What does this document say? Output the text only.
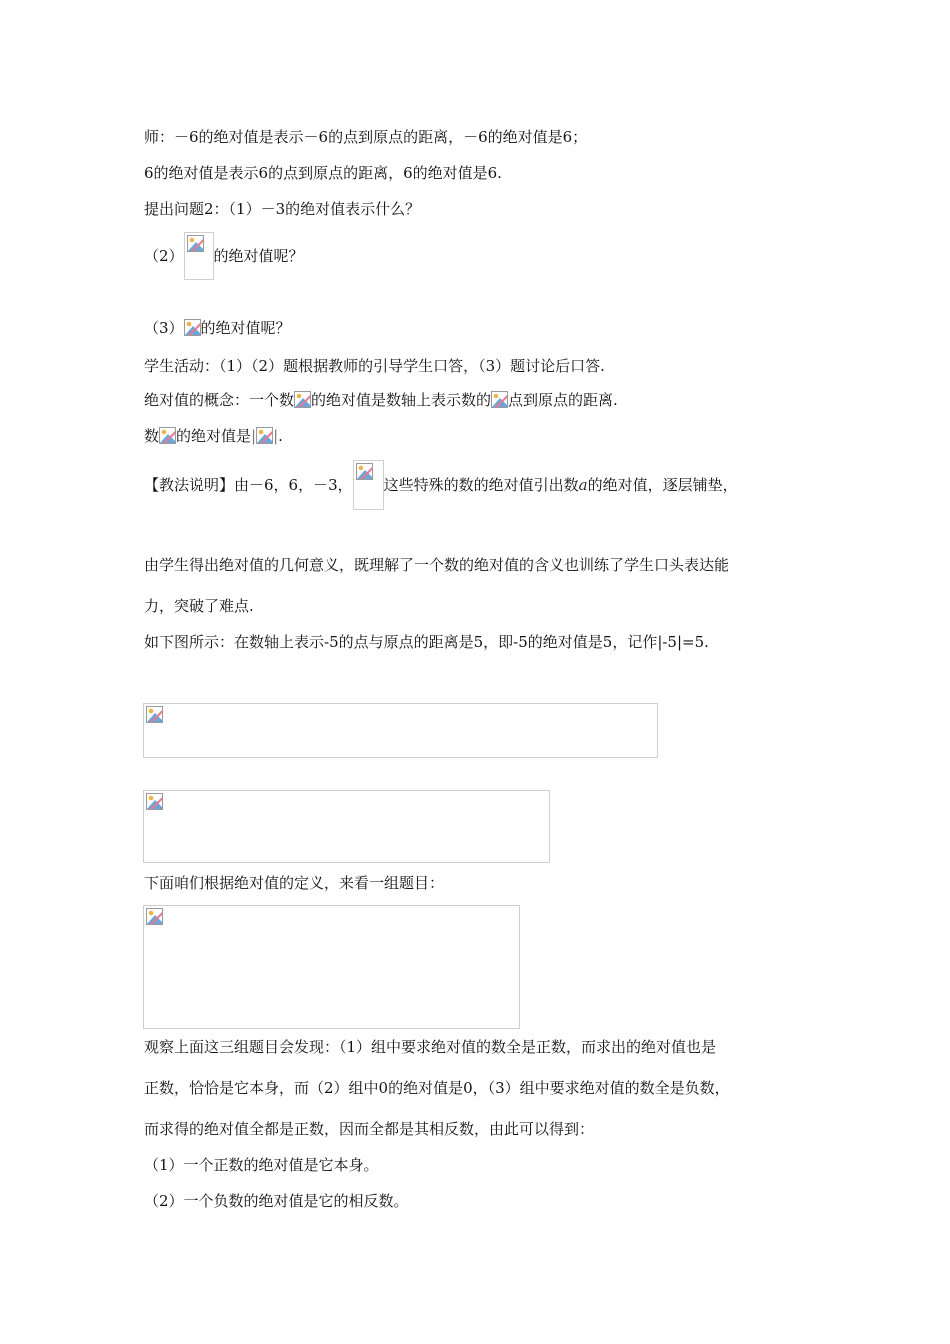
师：－6的绝对值是表示－6的点到原点的距离，－6的绝对值是6；
6的绝对值是表示6的点到原点的距离，6的绝对值是6.
提出问题2：（1）－3的绝对值表示什么？
（2） 的绝对值呢？
（3） 的绝对值呢？
学生活动：（1）（2）题根据教师的引导学生口答，（3）题讨论后口答.
绝对值的概念：一个数 的绝对值是数轴上表示数的 点到原点的距离.
数 的绝对值是| |.
【教法说明】由－6，6，－3， 这些特殊的数的绝对值引出数a的绝对值，逐层铺垫，
由学生得出绝对值的几何意义，既理解了一个数的绝对值的含义也训练了学生口头表达能
力，突破了难点.
如下图所示：在数轴上表示-5的点与原点的距离是5，即-5的绝对值是5，记作|-5|=5.
下面咱们根据绝对值的定义，来看一组题目：
观察上面这三组题目会发现：（1）组中要求绝对值的数全是正数，而求出的绝对值也是
正数，恰恰是它本身，而（2）组中0的绝对值是0，（3）组中要求绝对值的数全是负数，
而求得的绝对值全都是正数，因而全都是其相反数，由此可以得到：
（1）一个正数的绝对值是它本身。
（2）一个负数的绝对值是它的相反数。
